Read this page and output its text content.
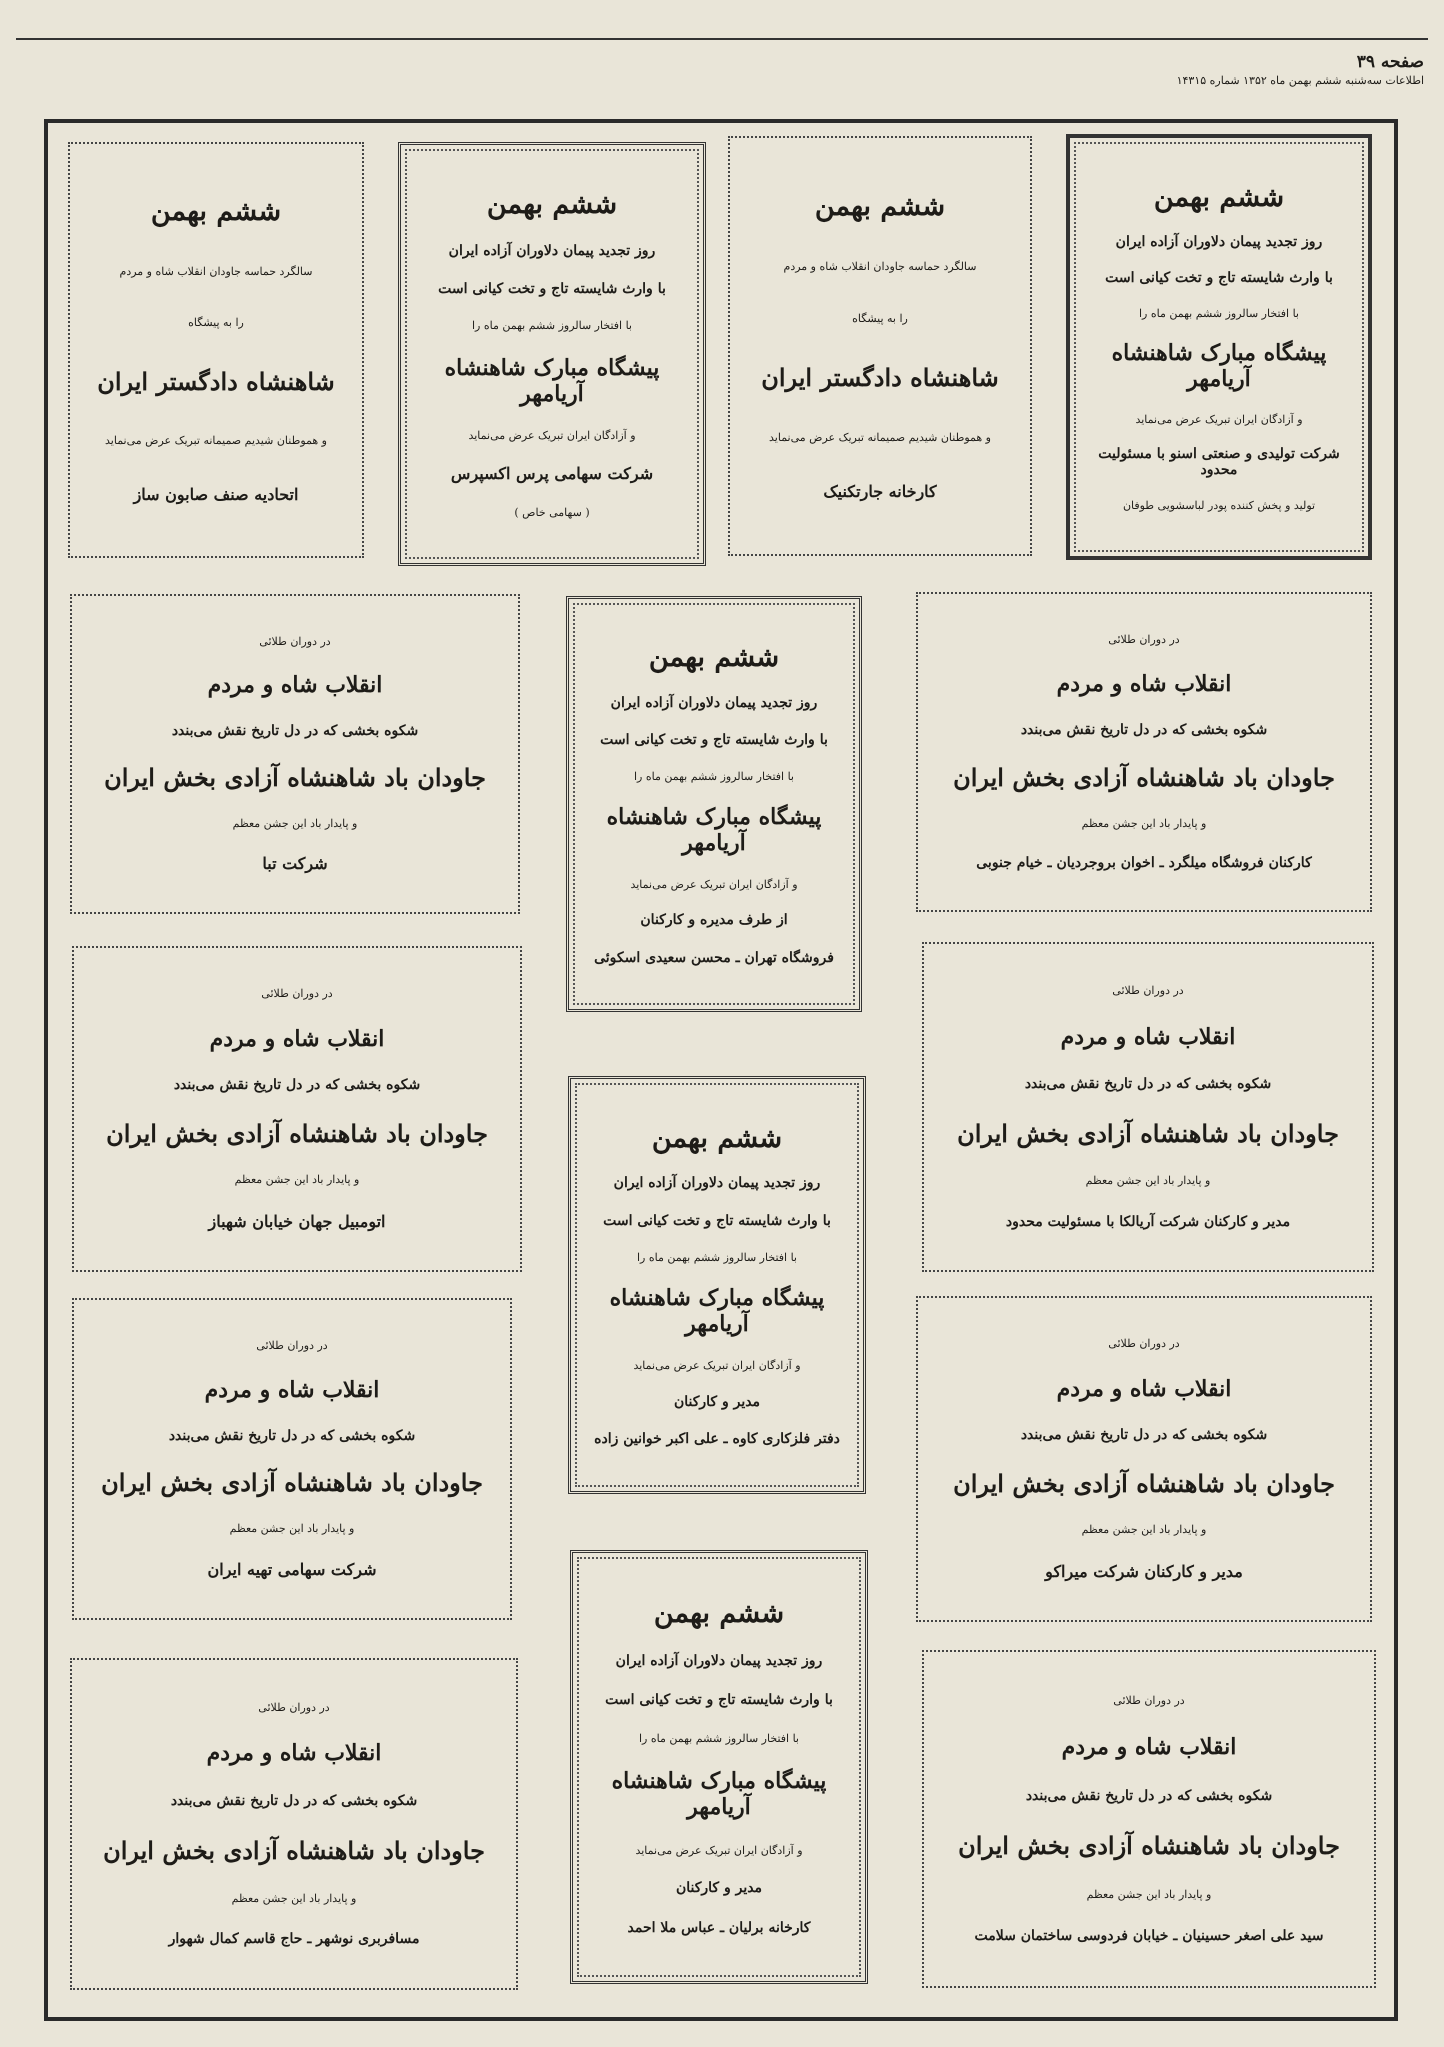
صفحه ۳۹
اطلاعات سه‌شنبه ششم بهمن ماه ۱۳۵۲ شماره ۱۴۳۱۵
ششم بهمن
روز تجدید پیمان دلاوران آزاده ایران
با وارث شایسته تاج و تخت کیانی است
با افتخار سالروز ششم بهمن ماه را
پیشگاه مبارک شاهنشاه آریامهر
و آزادگان ایران تبریک عرض می‌نماید
شرکت تولیدی و صنعتی اسنو با مسئولیت محدود
تولید و پخش کننده پودر لباسشویی طوفان
ششم بهمن
سالگرد حماسه جاودان انقلاب شاه و مردم
را به پیشگاه
شاهنشاه دادگستر ایران
و هموطنان شیدیم صمیمانه تبریک عرض می‌نماید
کارخانه جارتکنیک
ششم بهمن
روز تجدید پیمان دلاوران آزاده ایران
با وارث شایسته تاج و تخت کیانی است
با افتخار سالروز ششم بهمن ماه را
پیشگاه مبارک شاهنشاه آریامهر
و آزادگان ایران تبریک عرض می‌نماید
شرکت سهامی پرس اکسپرس
( سهامی خاص )
ششم بهمن
سالگرد حماسه جاودان انقلاب شاه و مردم
را به پیشگاه
شاهنشاه دادگستر ایران
و هموطنان شیدیم صمیمانه تبریک عرض می‌نماید
اتحادیه صنف صابون ساز
در دوران طلائی
انقلاب شاه و مردم
شکوه بخشی که در دل تاریخ نقش می‌بندد
جاودان باد شاهنشاه آزادی بخش ایران
و پایدار باد این جشن معظم
شرکت تبا
ششم بهمن
روز تجدید پیمان دلاوران آزاده ایران
با وارث شایسته تاج و تخت کیانی است
با افتخار سالروز ششم بهمن ماه را
پیشگاه مبارک شاهنشاه آریامهر
و آزادگان ایران تبریک عرض می‌نماید
از طرف مدیره و کارکنان
فروشگاه تهران ـ محسن سعیدی اسکوئی
در دوران طلائی
انقلاب شاه و مردم
شکوه بخشی که در دل تاریخ نقش می‌بندد
جاودان باد شاهنشاه آزادی بخش ایران
و پایدار باد این جشن معظم
کارکنان فروشگاه میلگرد ـ اخوان بروجردیان ـ خیام جنوبی
در دوران طلائی
انقلاب شاه و مردم
شکوه بخشی که در دل تاریخ نقش می‌بندد
جاودان باد شاهنشاه آزادی بخش ایران
و پایدار باد این جشن معظم
اتومبیل جهان خیابان شهباز
ششم بهمن
روز تجدید پیمان دلاوران آزاده ایران
با وارث شایسته تاج و تخت کیانی است
با افتخار سالروز ششم بهمن ماه را
پیشگاه مبارک شاهنشاه آریامهر
و آزادگان ایران تبریک عرض می‌نماید
مدیر و کارکنان
دفتر فلزکاری کاوه ـ علی اکبر خوانین زاده
در دوران طلائی
انقلاب شاه و مردم
شکوه بخشی که در دل تاریخ نقش می‌بندد
جاودان باد شاهنشاه آزادی بخش ایران
و پایدار باد این جشن معظم
مدیر و کارکنان شرکت آریالکا با مسئولیت محدود
در دوران طلائی
انقلاب شاه و مردم
شکوه بخشی که در دل تاریخ نقش می‌بندد
جاودان باد شاهنشاه آزادی بخش ایران
و پایدار باد این جشن معظم
شرکت سهامی تهیه ایران
در دوران طلائی
انقلاب شاه و مردم
شکوه بخشی که در دل تاریخ نقش می‌بندد
جاودان باد شاهنشاه آزادی بخش ایران
و پایدار باد این جشن معظم
مدیر و کارکنان شرکت میراکو
در دوران طلائی
انقلاب شاه و مردم
شکوه بخشی که در دل تاریخ نقش می‌بندد
جاودان باد شاهنشاه آزادی بخش ایران
و پایدار باد این جشن معظم
مسافربری نوشهر ـ حاج قاسم کمال شهوار
ششم بهمن
روز تجدید پیمان دلاوران آزاده ایران
با وارث شایسته تاج و تخت کیانی است
با افتخار سالروز ششم بهمن ماه را
پیشگاه مبارک شاهنشاه آریامهر
و آزادگان ایران تبریک عرض می‌نماید
مدیر و کارکنان
کارخانه برلیان ـ عباس ملا احمد
در دوران طلائی
انقلاب شاه و مردم
شکوه بخشی که در دل تاریخ نقش می‌بندد
جاودان باد شاهنشاه آزادی بخش ایران
و پایدار باد این جشن معظم
سید علی اصغر حسینیان ـ خیابان فردوسی ساختمان سلامت
